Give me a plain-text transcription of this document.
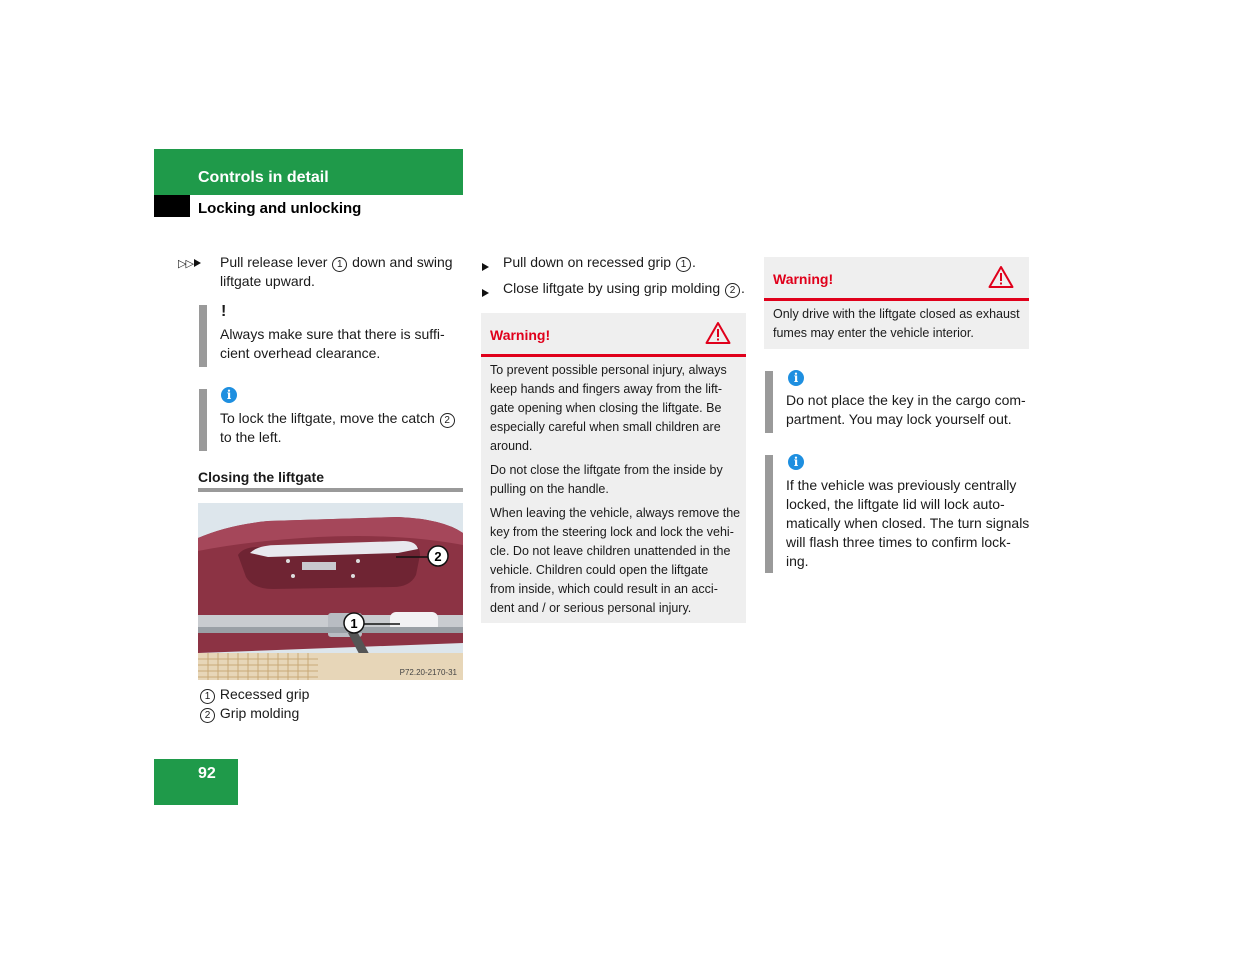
Controls in detail
Locking and unlocking
▷▷	Pull release lever 1 down and swing
liftgate upward.
!
Always make sure that there is suffi-
cient overhead clearance.
i
To lock the liftgate, move the catch 2
to the left.
Closing the liftgate
2
1
P72.20-2170-31
1 Recessed grip
2 Grip molding
Pull down on recessed grip 1 .
Close liftgate by using grip molding 2 .
Warning!
To prevent possible personal injury, always
keep hands and fingers away from the lift-
gate opening when closing the liftgate. Be
especially careful when small children are
around.
Do not close the liftgate from the inside by
pulling on the handle.
When leaving the vehicle, always remove the
key from the steering lock and lock the vehi-
cle. Do not leave children unattended in the
vehicle. Children could open the liftgate
from inside, which could result in an acci-
dent and / or serious personal injury.
Warning!
Only drive with the liftgate closed as exhaust
fumes may enter the vehicle interior.
i
Do not place the key in the cargo com-
partment. You may lock yourself out.
i
If the vehicle was previously centrally
locked, the liftgate lid will lock auto-
matically when closed. The turn signals
will flash three times to confirm lock-
ing.
92
